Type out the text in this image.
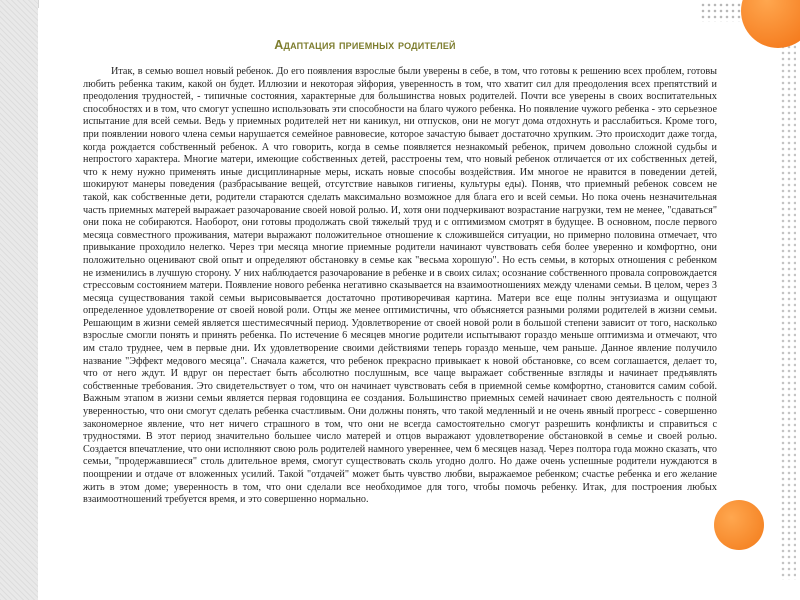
Адаптация приемных родителей

Итак, в семью вошел новый ребенок. До его появления взрослые были уверены в себе, в том, что готовы к решению всех проблем, готовы любить ребенка таким, какой он будет. Иллюзии и некоторая эйфория, уверенность в том, что хватит сил для преодоления всех препятствий и преодоления трудностей, - типичные состояния, характерные для большинства новых родителей. Почти все уверены в своих воспитательных способностях и в том, что смогут успешно использовать эти способности на благо чужого ребенка. Но появление чужого ребенка - это серьезное испытание для всей семьи. Ведь у приемных родителей нет ни каникул, ни отпусков, они не могут дома отдохнуть и расслабиться. Кроме того, при появлении нового члена семьи нарушается семейное равновесие, которое зачастую бывает достаточно хрупким. Это происходит даже тогда, когда рождается собственный ребенок. А что говорить, когда в семье появляется незнакомый ребенок, причем довольно сложной судьбы и непростого характера. Многие матери, имеющие собственных детей, расстроены тем, что новый ребенок отличается от их собственных детей, что к нему нужно применять иные дисциплинарные меры, искать новые способы воздействия. Им многое не нравится в поведении детей, шокируют манеры поведения (разбрасывание вещей, отсутствие навыков гигиены, культуры еды). Поняв, что приемный ребенок совсем не такой, как собственные дети, родители стараются сделать максимально возможное для блага его и всей семьи. Но пока очень незначительная часть приемных матерей выражает разочарование своей новой ролью. И, хотя они подчеркивают возрастание нагрузки, тем не менее, "сдаваться" они пока не собираются. Наоборот, они готовы продолжать свой тяжелый труд и с оптимизмом смотрят в будущее. В основном, после первого месяца совместного проживания, матери выражают положительное отношение к сложившейся ситуации, но примерно половина отмечает, что привыкание проходило нелегко. Через три месяца многие приемные родители начинают чувствовать себя более уверенно и комфортно, они положительно оценивают свой опыт и определяют обстановку в семье как "весьма хорошую". Но есть семьи, в которых отношения с ребенком не изменились в лучшую сторону. У них наблюдается разочарование в ребенке и в своих силах; осознание собственного провала сопровождается стрессовым состоянием матери. Появление нового ребенка негативно сказывается на взаимоотношениях между членами семьи. В целом, через 3 месяца существования такой семьи вырисовывается достаточно противоречивая картина. Матери все еще полны энтузиазма и ощущают определенное удовлетворение от своей новой роли. Отцы же менее оптимистичны, что объясняется разными ролями родителей в жизни семьи. Решающим в жизни семей является шестимесячный период. Удовлетворение от своей новой роли в большой степени зависит от того, насколько взрослые смогли понять и принять ребенка. По истечение 6 месяцев многие родители испытывают гораздо меньше оптимизма и отмечают, что им стало труднее, чем в первые дни. Их удовлетворение своими действиями теперь гораздо меньше, чем раньше. Данное явление получило название "Эффект медового месяца". Сначала кажется, что ребенок прекрасно привыкает к новой обстановке, со всем соглашается, делает то, что от него ждут. И вдруг он перестает быть абсолютно послушным, все чаще выражает собственные взгляды и начинает предъявлять собственные требования. Это свидетельствует о том, что он начинает чувствовать себя в приемной семье комфортно, становится самим собой. Важным этапом в жизни семьи является первая годовщина ее создания. Большинство приемных семей начинает свою деятельность с полной уверенностью, что они смогут сделать ребенка счастливым. Они должны понять, что такой медленный и не очень явный прогресс - совершенно закономерное явление, что нет ничего страшного в том, что они не всегда самостоятельно смогут разрешить конфликты и справиться с трудностями. В этот период значительно большее число матерей и отцов выражают удовлетворение обстановкой в семье и своей ролью. Создается впечатление, что они исполняют свою роль родителей намного увереннее, чем 6 месяцев назад. Через полтора года можно сказать, что семьи, "продержавшиеся" столь длительное время, смогут существовать сколь угодно долго. Но даже очень успешные родители нуждаются в поощрении и отдаче от вложенных усилий. Такой "отдачей" может быть чувство любви, выражаемое ребенком; счастье ребенка и его желание жить в этом доме; уверенность в том, что они сделали все необходимое для того, чтобы помочь ребенку. Итак, для построения любых взаимоотношений требуется время, и это совершенно нормально.
